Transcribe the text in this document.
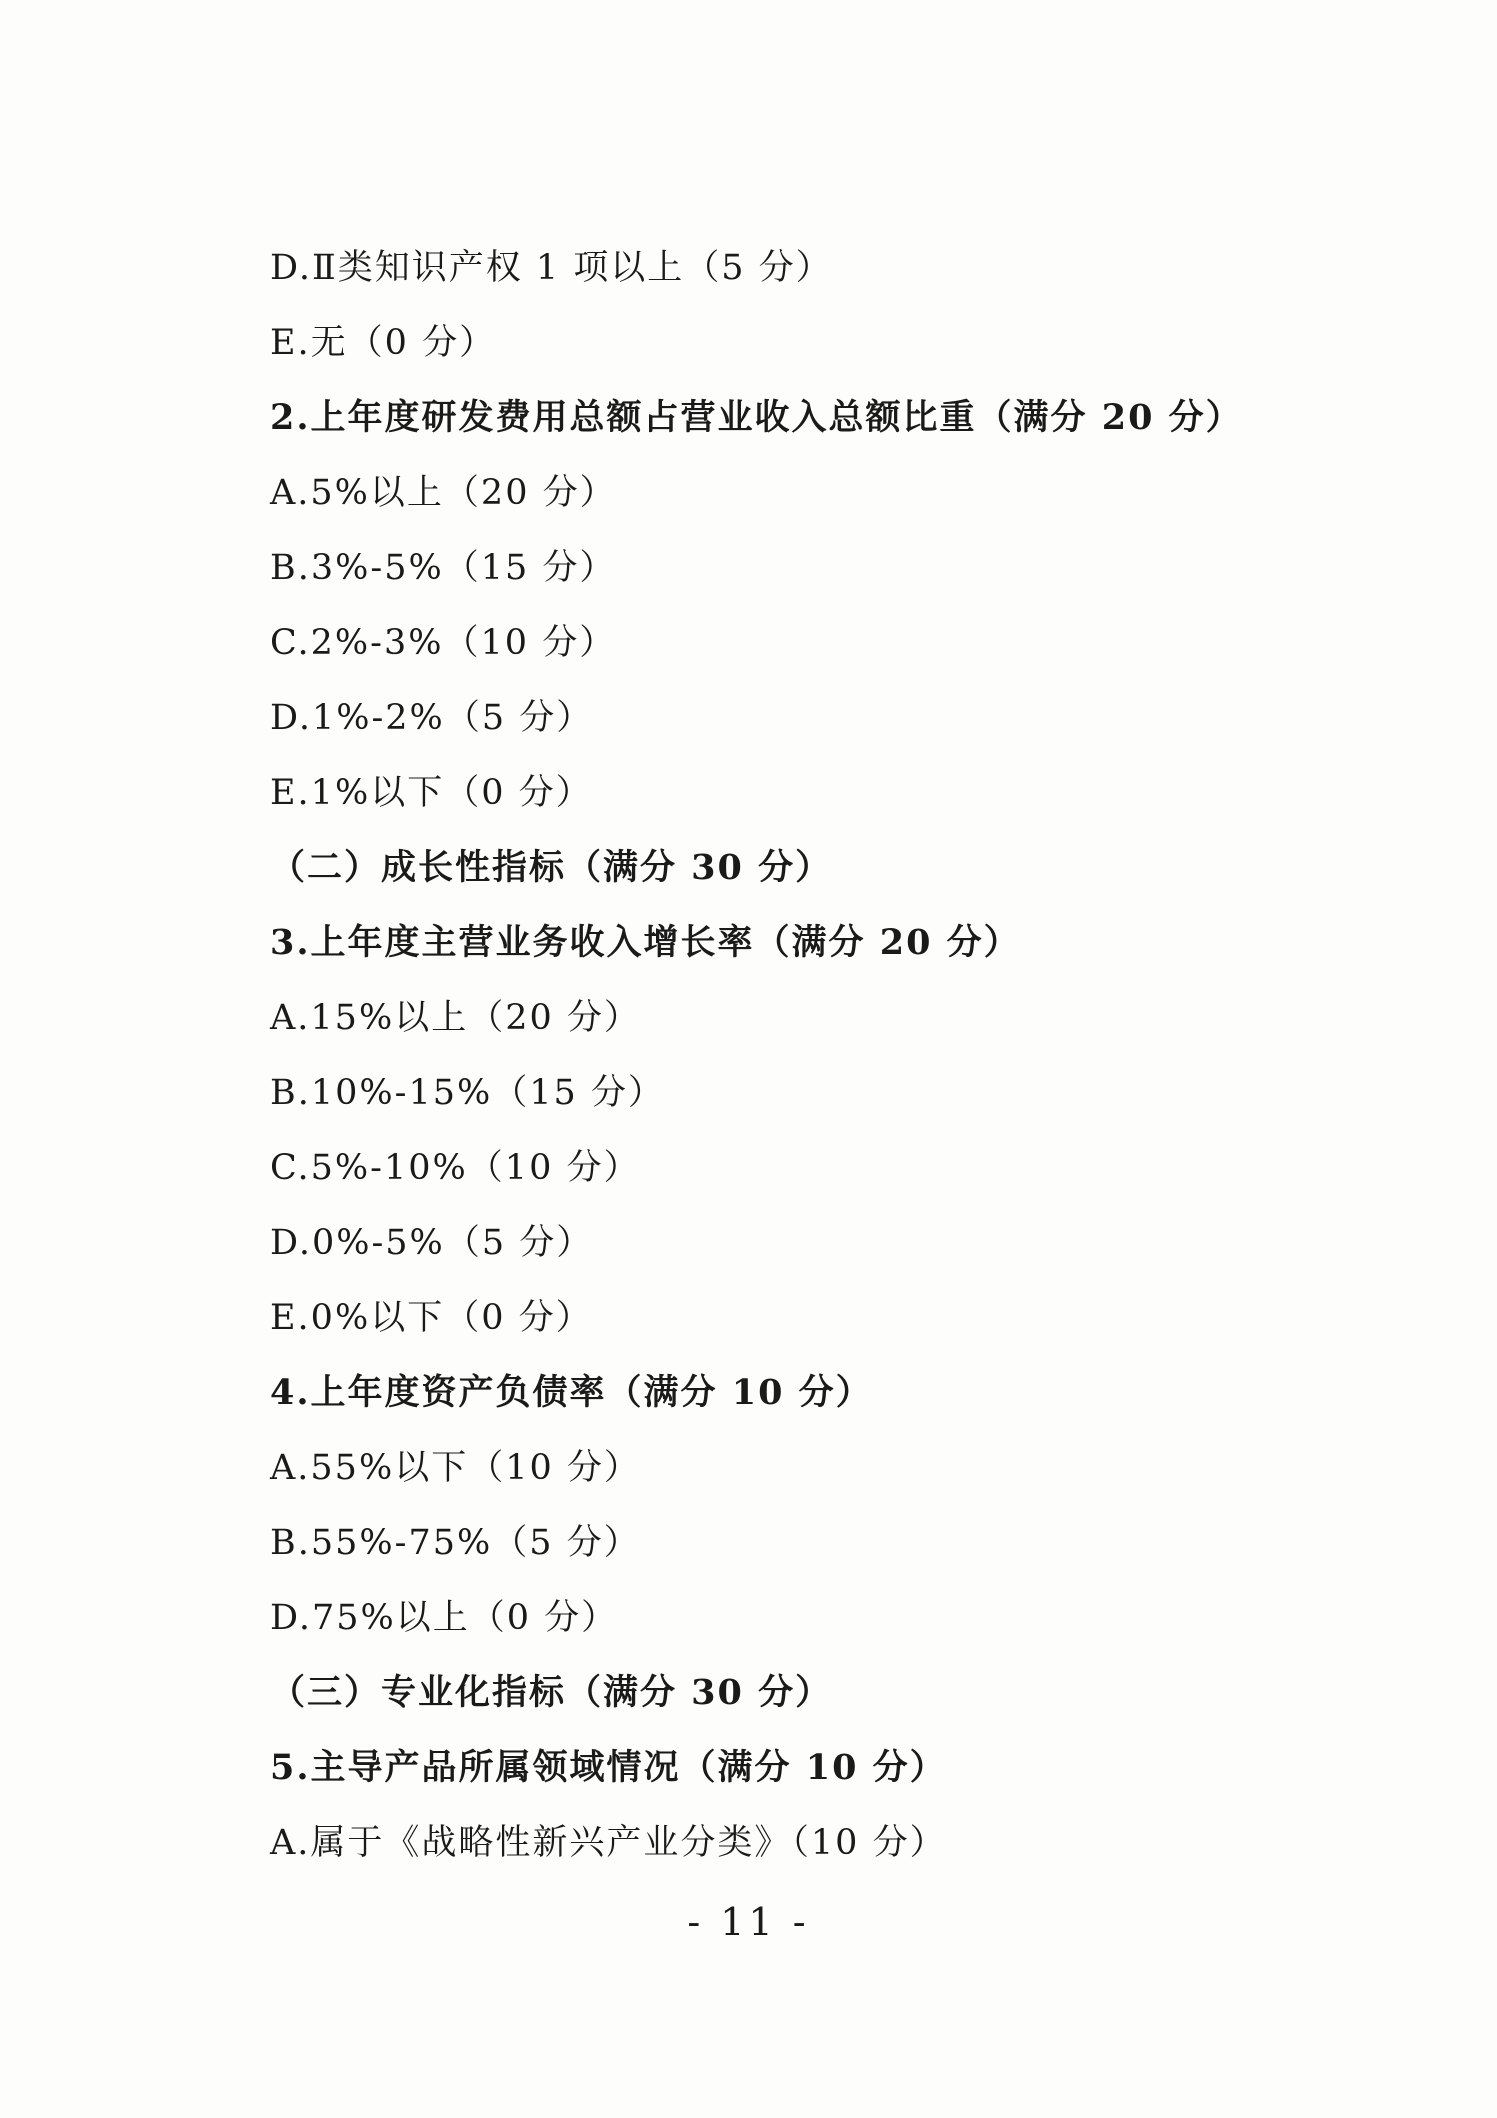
D.Ⅱ类知识产权 1 项以上（5 分）
E.无（0 分）
2.上年度研发费用总额占营业收入总额比重（满分 20 分）
A.5%以上（20 分）
B.3%-5%（15 分）
C.2%-3%（10 分）
D.1%-2%（5 分）
E.1%以下（0 分）
（二）成长性指标（满分 30 分）
3.上年度主营业务收入增长率（满分 20 分）
A.15%以上（20 分）
B.10%-15%（15 分）
C.5%-10%（10 分）
D.0%-5%（5 分）
E.0%以下（0 分）
4.上年度资产负债率（满分 10 分）
A.55%以下（10 分）
B.55%-75%（5 分）
D.75%以上（0 分）
（三）专业化指标（满分 30 分）
5.主导产品所属领域情况（满分 10 分）
A.属于《战略性新兴产业分类》（10 分）
- 11 -
